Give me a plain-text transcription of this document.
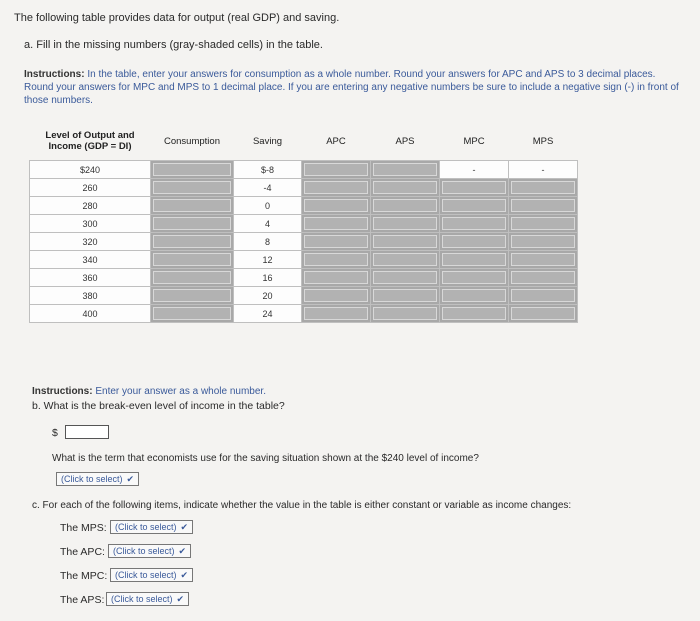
The following table provides data for output (real GDP) and saving.

a. Fill in the missing numbers (gray-shaded cells) in the table.

Instructions: In the table, enter your answers for consumption as a whole number. Round your answers for APC and APS to 3 decimal places. Round your answers for MPC and MPS to 1 decimal place. If you are entering any negative numbers be sure to include a negative sign (-) in front of those numbers.

Level of Output and Income (GDP = DI)	Consumption	Saving	APC	APS	MPC	MPS
$240		$-8			-	-
260		-4	

280		0	

300		4	

320		8	

340		12	

360		16	

380		20	

400		24	

Instructions: Enter your answer as a whole number.

b. What is the break-even level of income in the table?

$

What is the term that economists use for the saving situation shown at the $240 level of income?

(Click to select) ✔

c. For each of the following items, indicate whether the value in the table is either constant or variable as income changes:

The MPS: (Click to select) ✔
The APC: (Click to select) ✔
The MPC: (Click to select) ✔
The APS: (Click to select) ✔
